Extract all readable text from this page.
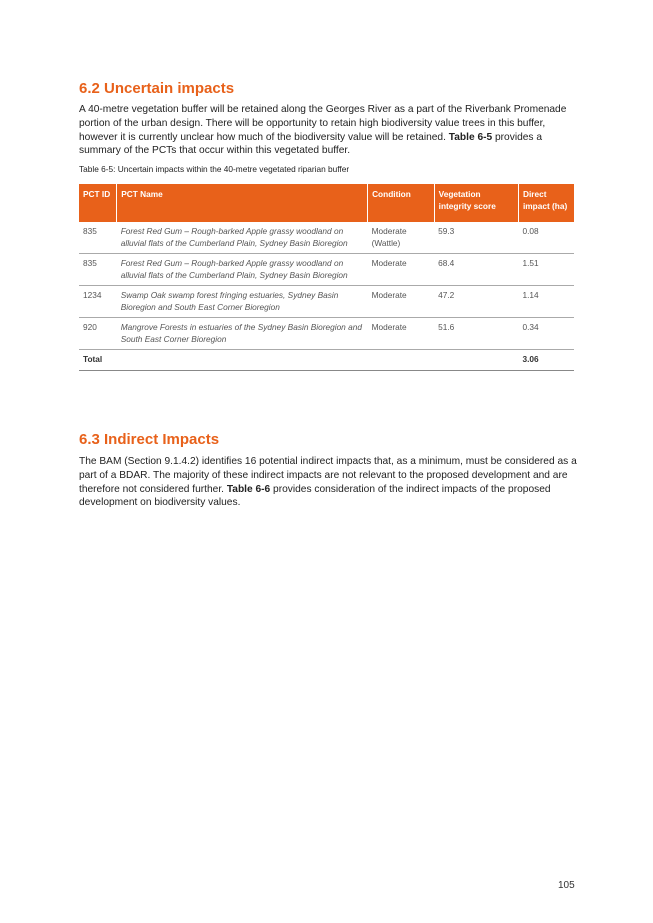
6.2 Uncertain impacts

A 40-metre vegetation buffer will be retained along the Georges River as a part of the Riverbank Promenade portion of the urban design. There will be opportunity to retain high biodiversity value trees in this buffer, however it is currently unclear how much of the biodiversity value will be retained. Table 6-5 provides a summary of the PCTs that occur within this vegetated buffer.

Table 6-5: Uncertain impacts within the 40-metre vegetated riparian buffer
PCT ID	PCT Name	Condition	Vegetation integrity score	Direct impact (ha)
835	Forest Red Gum – Rough-barked Apple grassy woodland on alluvial flats of the Cumberland Plain, Sydney Basin Bioregion	Moderate (Wattle)	59.3	0.08
835	Forest Red Gum – Rough-barked Apple grassy woodland on alluvial flats of the Cumberland Plain, Sydney Basin Bioregion	Moderate	68.4	1.51
1234	Swamp Oak swamp forest fringing estuaries, Sydney Basin Bioregion and South East Corner Bioregion	Moderate	47.2	1.14
920	Mangrove Forests in estuaries of the Sydney Basin Bioregion and South East Corner Bioregion	Moderate	51.6	0.34
Total				3.06
6.3 Indirect Impacts

The BAM (Section 9.1.4.2) identifies 16 potential indirect impacts that, as a minimum, must be considered as a part of a BDAR. The majority of these indirect impacts are not relevant to the proposed development and are therefore not considered further. Table 6-6 provides consideration of the indirect impacts of the proposed development on biodiversity values.

105
